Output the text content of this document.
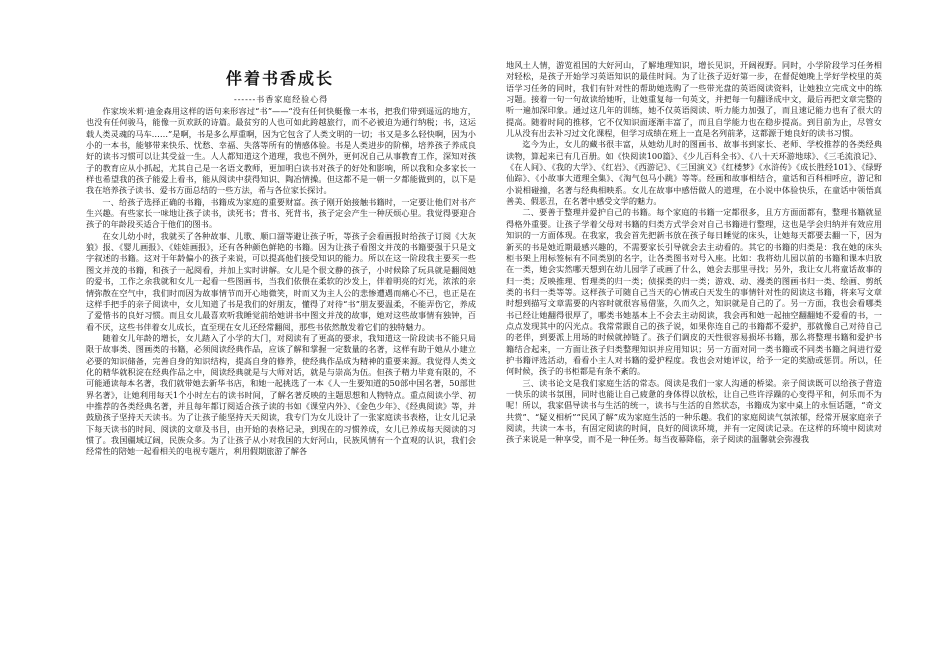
伴着书香成长
------书香家庭经验心得

作家埃米莉·迪金森用这样的语句来形容过“书”——“没有任何快艇像一本书，把我们带到遥远的地方，也没有任何骏马，能像一页欢跃的诗篇。最贫穷的人也可如此跨越旅行，而不必被迫为通行纳税；书，这运载人类灵魂的马车……”是啊，书是多么厚重啊，因为它包含了人类文明的一切；书又是多么轻快啊，因为小小的一本书，能够带来快乐、忧愁、幸福、失落等所有的情感体验。书是人类进步的阶梯，培养孩子养成良好的读书习惯可以让其受益一生。人人都知道这个道理，我也不例外，更何况自己从事教育工作，深知对孩子的教育应从小抓起，尤其自己是一名语文教师，更加明白读书对孩子的好处和影响，所以我和众多家长一样也希望我的孩子能爱上看书，能从阅读中获得知识、陶冶情操。但这都不是一朝一夕都能做到的，以下是我在培养孩子读书、爱书方面总结的一些方法，希与各位家长探讨。

一、给孩子选择正确的书籍，书籍成为家庭的重要财富。孩子刚开始接触书籍时，一定要让他们对书产生兴趣。有些家长一味地让孩子读书，读死书；背书、死背书，孩子定会产生一种厌烦心里。我觉得要迎合孩子的年龄段买适合于他们的图书。

在女儿幼小时，我就买了各种故事、儿歌、顺口溜等避让孩子听，等孩子会看画报时给孩子订阅《大灰狼》报、《婴儿画报》、《娃娃画报》，还有各种颜色鲜艳的书籍。因为让孩子看图文并茂的书籍要强于只是文字叙述的书籍。这对于年龄偏小的孩子来说，可以提高他们接受知识的能力。所以在这一阶段我主要买一些图文并茂的书籍，和孩子一起阅看，并加上实时讲解。女儿是个很文静的孩子，小时候除了玩具就是翻阅她的爱书，工作之余我就和女儿一起看一些图画书，当我们依偎在柔软的沙发上，伴着明亮的灯光，浓浓的亲情弥散在空气中，我们时而因为故事情节而开心地微笑，时而又为主人公的悲惨遭遇而痛心不已，也正是在这样手把手的亲子阅读中，女儿知道了书是我们的好朋友，懂得了对待“书”朋友要温柔，不能弄伤它，养成了爱惜书的良好习惯。而且女儿最喜欢听我睡觉前给她讲书中图文并茂的故事，她对这些故事情有独钟，百看不厌，这些书伴着女儿成长，直至现在女儿还经常翻阅，那些书依然散发着它们的独特魅力。

随着女儿年龄的增长，女儿踏入了小学的大门，对阅读有了更高的要求，我知道这一阶段读书不能只局限于故事类、图画类的书籍，必须阅读经典作品，应该了解和掌握一定数量的名著，这样有助于她从小建立必要的知识储备，完善自身的知识结构，提高自身的修养，使经典作品成为精神的重要来源。我觉得人类文化的精华就积淀在经典作品之中，阅读经典就是与大师对话，就是与崇高为伍。但孩子精力毕竟有限的，不可能通读每本名著，我们就带她去新华书店，和她一起挑选了一本《人一生要知道的50部中国名著，50部世界名著》，让她利用每天1个小时左右的读书时间，了解名著反映的主题思想和人物特点。重点阅读小学、初中推荐的各类经典名著，并且每年都订阅适合孩子读的书如《课堂内外》、《金色少年》、《经典阅读》等，并鼓励孩子坚持天天读书。为了让孩子能坚持天天阅读，我专门为女儿设计了一张家庭读书表格，让女儿记录下每天读书的时间、阅读的文章及书目，由开始的表格记录，到现在的习惯养成，女儿已养成每天阅读的习惯了。我国疆域辽阔，民族众多。为了让孩子从小对我国的大好河山，民族风情有一个直观的认识，我们会经常性的陪她一起看相关的电视专题片，利用假期旅游了解各

地风土人情，游览祖国的大好河山，了解地理知识，增长见识，开阔视野。同时，小学阶段学习任务相对轻松，是孩子开始学习英语知识的最佳时间。为了让孩子迈好第一步，在督促她晚上学好学校里的英语学习任务的同时，我们有针对性的帮助她选购了一些带光盘的英语阅读资料，让她独立完成文中的练习题。接着一句一句故读给她听，让她重复每一句英文，并把每一句翻译成中文，最后再把文章完整的听一遍加深印象。通过这几年的训练，她不仅英语阅读、听力能力加强了，而且速记能力也有了很大的提高。随着时间的推移，它不仅知识面逐渐丰富了，而且自学能力也在稳步提高。到目前为止，尽管女儿从没有出去补习过文化课程，但学习成绩在班上一直是名列前茅，这都源于她良好的读书习惯。

迄今为止，女儿的藏书很丰富，从她幼儿时的图画书、故事书到家长、老师、学校推荐的各类经典读物，算起来已有几百册。如《快阅读100篇》、《少儿百科全书》、《八十天环游地球》、《三毛流浪记》、《在人间》、《我的大学》、《红岩》、《西游记》、《三国演义》《红楼梦》《水浒传》《成长胜经101》、《绿野仙踪》、《小故事大道理全集》、《淘气包马小跳》等等。经画和故事相结合，童话和百科相呼应，游记和小说相碰撞，名著与经典相映系。女儿在故事中感悟做人的道理，在小说中体验快乐，在童话中领悟真善美、假恶丑，在名著中感受文学的魅力。

二、要善于整理并爱护自己的书籍。每个家庭的书籍一定都很多，且方方面面都有，整理书籍就显得格外重要。让孩子学着父母对书籍的归类方式学会对自己书籍进行整理，这也是学会归纳并有效应用知识的一方面体现。在我家，我会首先把新书放在孩子每日睡觉的床头，让她每天都要去翻一下，因为新买的书是她近期最感兴趣的，不需要家长引导就会去主动看的。其它的书籍的归类是：我在她的床头柜书架上用标签标有不同类别的名字，让各类图书对号入座。比如：我将幼儿园以前的书籍和课本归放在一类，她会实然哪天想到在幼儿园学了或画了什么，她会去那里寻找；另外，我让女儿将童话故事的归一类；反映推理、哲理类的归一类；侦探类的归一类；游戏、动、漫类的图画书归一类、绘画、剪纸类的书归一类等等。这样孩子可随自己当天的心情或白天发生的事情针对性的阅读这书籍，将来写文章时想到描写文章需要的内容时就很容易借鉴，久而久之，知识就是自己的了。另一方面，我也会看哪类书已经让她翻得很厚了，哪类书她基本上不会去主动阅读，我会再和她一起抽空翻翻她不爱看的书，一点点发现其中的闪光点。我常常跟自己的孩子说，如果你连自己的书籍都不爱护，那就像自己对待自己的老伴，到要派上用场的时候就掉链了。孩子们调皮的天性很容易损坏书籍，那么将整理书籍和爱护书籍结合起来，一方面让孩子归类整理知识并应用知识；另一方面对同一类书籍或不同类书籍之间进行爱护书籍评选活动，看看小主人对书籍的爱护程度。我也会对她评议，给予一定的奖励或惩罚。所以，任何时候，孩子的书柜都是有条不紊的。

三、读书论文是我们家庭生活的常态。阅读是我们一家人沟通的桥梁。亲子阅读既可以给孩子营造一快乐的读书氛围，同时也能让自己疲惫的身体得以放松，让自己些许浮躁的心变得平和，何乐而不为呢！所以，我家倡导读书与生活的统一，读书与生活的自然状态，书籍成为家中桌上的永恒话题，“奇文共赏”、“疑义相析”“民风了解”成为家庭生活的一种乐趣。我们的家庭阅读气氛浓郁，经常开展家庭亲子阅读，共读一本书，有固定阅读的时间，良好的阅读环境，并有一定阅读记录。在这样的环境中阅读对孩子来说是一种享受，而不是一种任务。每当夜幕降临，亲子阅读的温馨就会弥漫我
